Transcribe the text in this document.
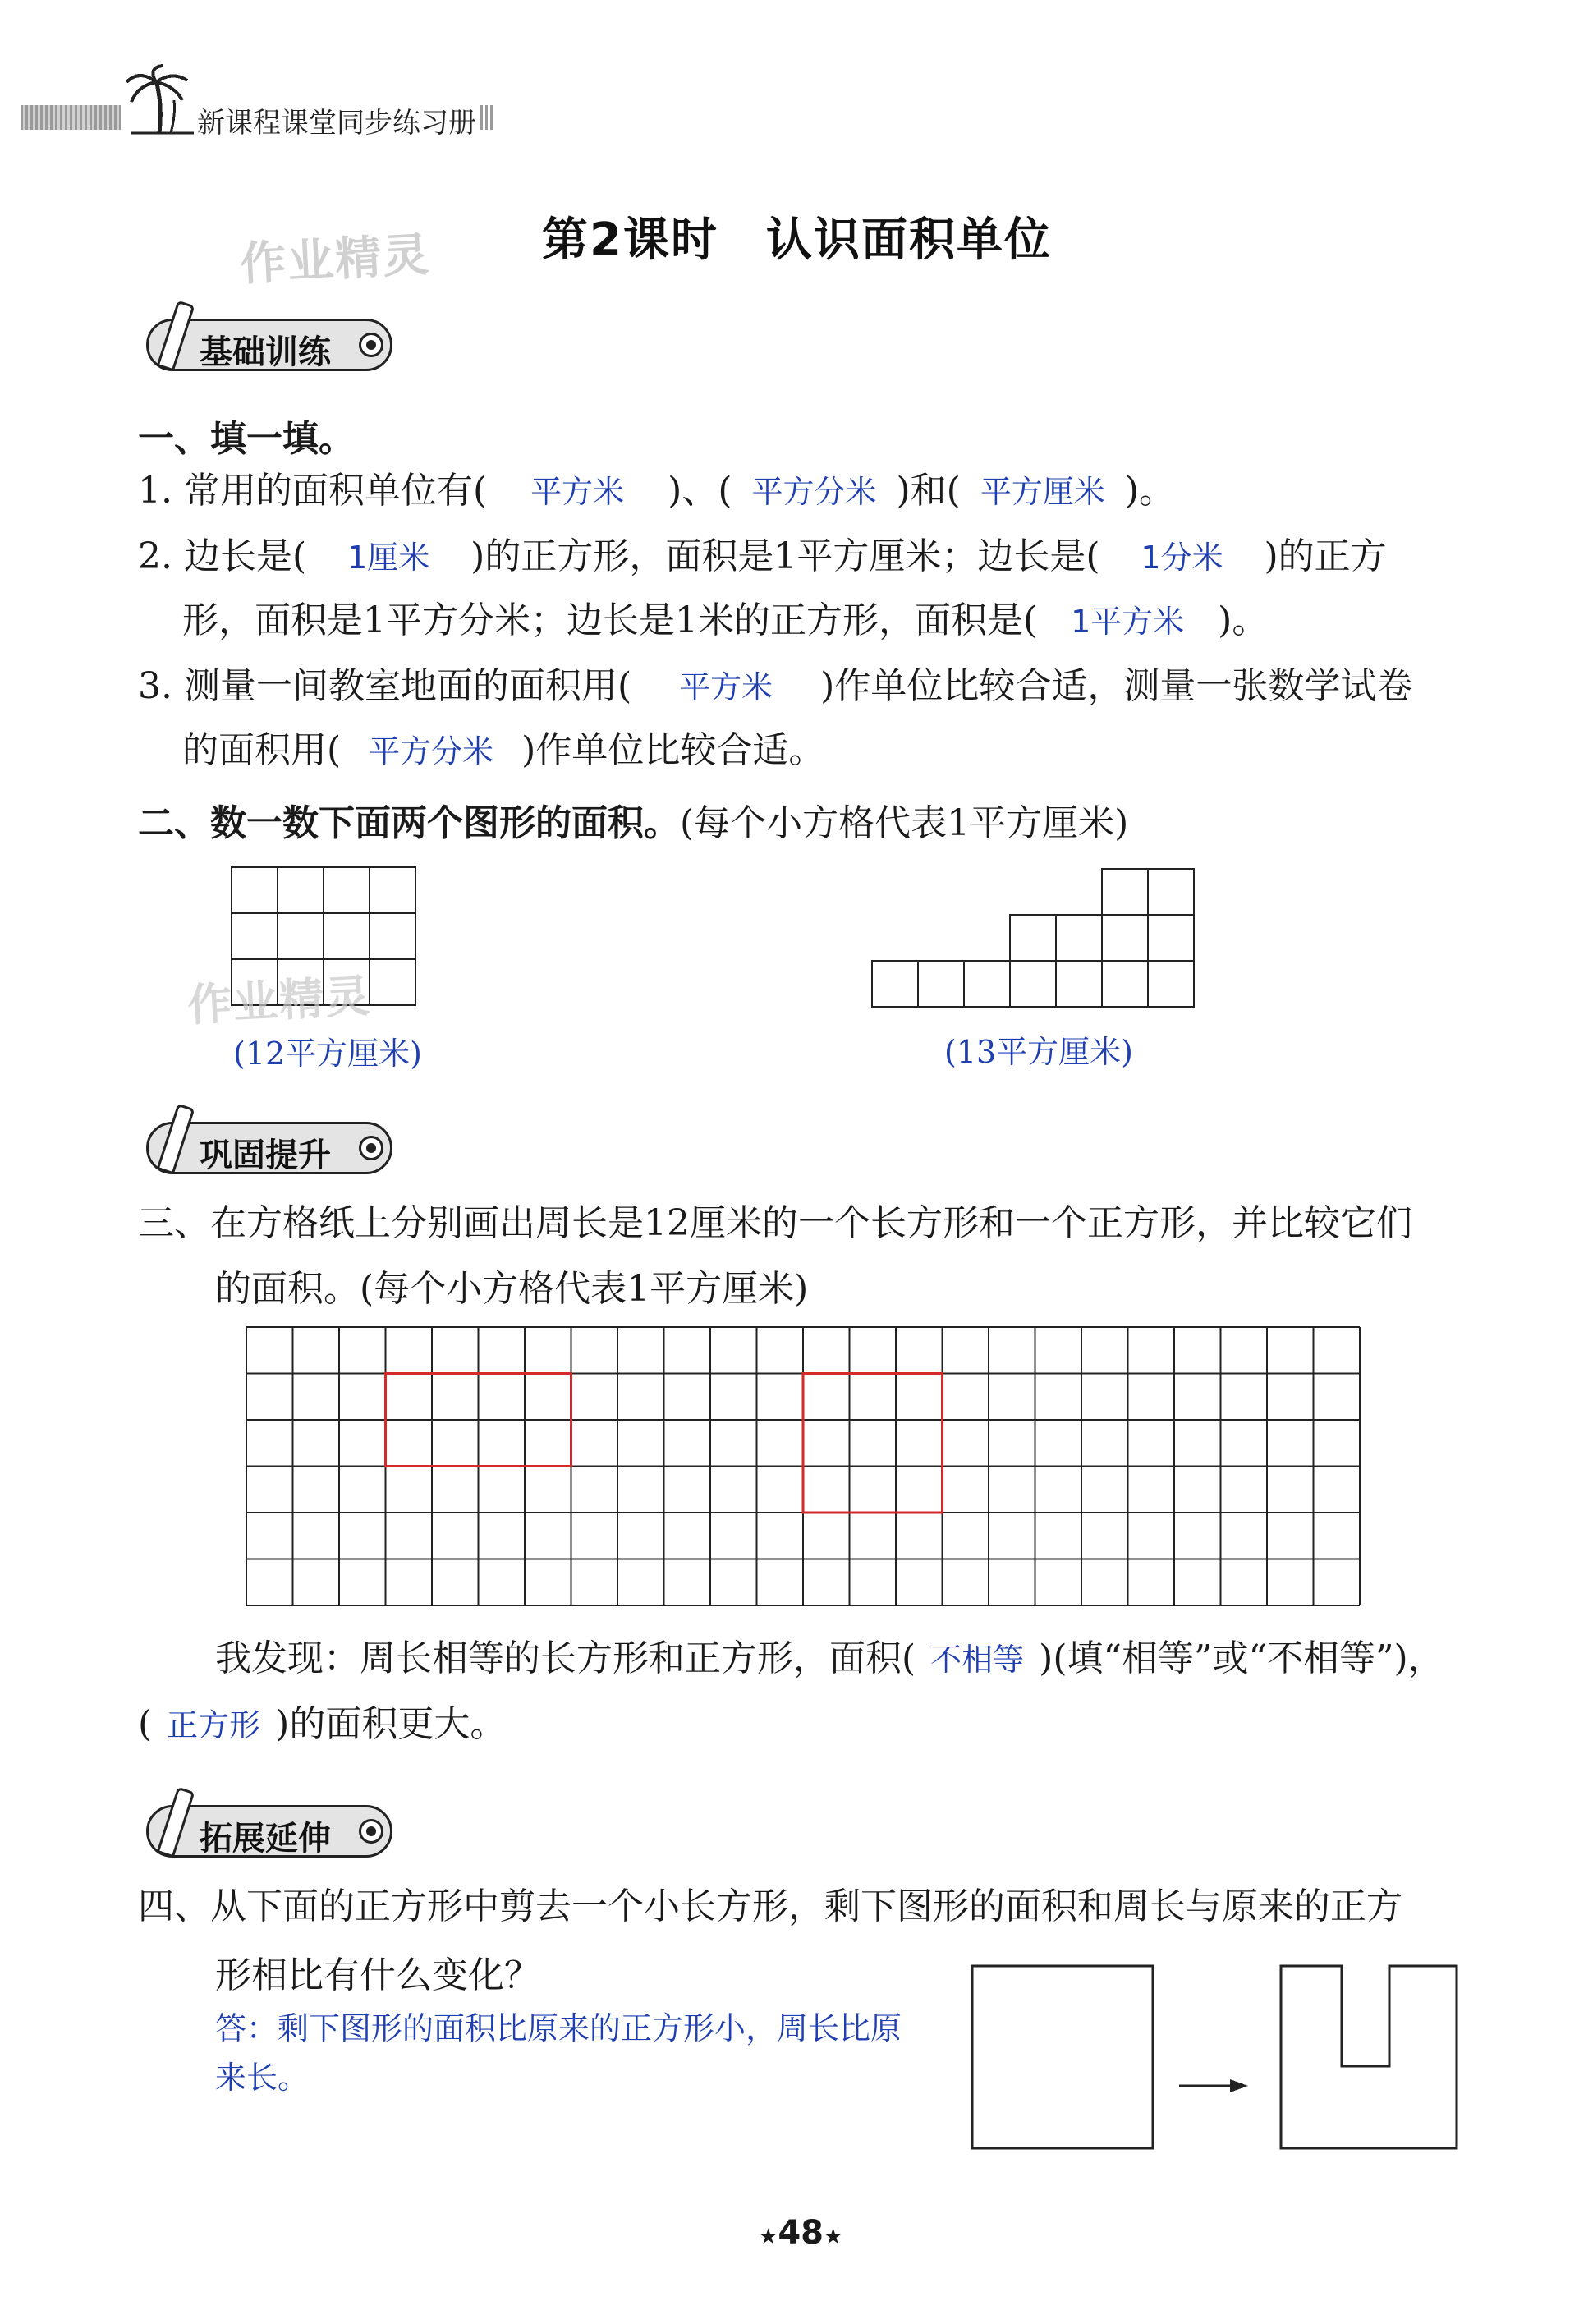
新课程课堂同步练习册
作业精灵 第2课时　认识面积单位
基础训练
一、填一填。
1. 常用的面积单位有( 平方米 )、( 平方分米 )和( 平方厘米 )。
2. 边长是( 1厘米 )的正方形，面积是1平方厘米；边长是( 1分米 )的正方
形，面积是1平方分米；边长是1米的正方形，面积是( 1平方米 )。
3. 测量一间教室地面的面积用( 平方米 )作单位比较合适，测量一张数学试卷
的面积用( 平方分米 )作单位比较合适。
二、数一数下面两个图形的面积。(每个小方格代表1平方厘米)
作业精灵
(12平方厘米)	(13平方厘米)
巩固提升
三、在方格纸上分别画出周长是12厘米的一个长方形和一个正方形，并比较它们
的面积。(每个小方格代表1平方厘米)
我发现：周长相等的长方形和正方形，面积( 不相等 )(填“相等”或“不相等”)，
( 正方形 )的面积更大。
拓展延伸
四、从下面的正方形中剪去一个小长方形，剩下图形的面积和周长与原来的正方
形相比有什么变化？
答：剩下图形的面积比原来的正方形小，周长比原
来长。
★48★
